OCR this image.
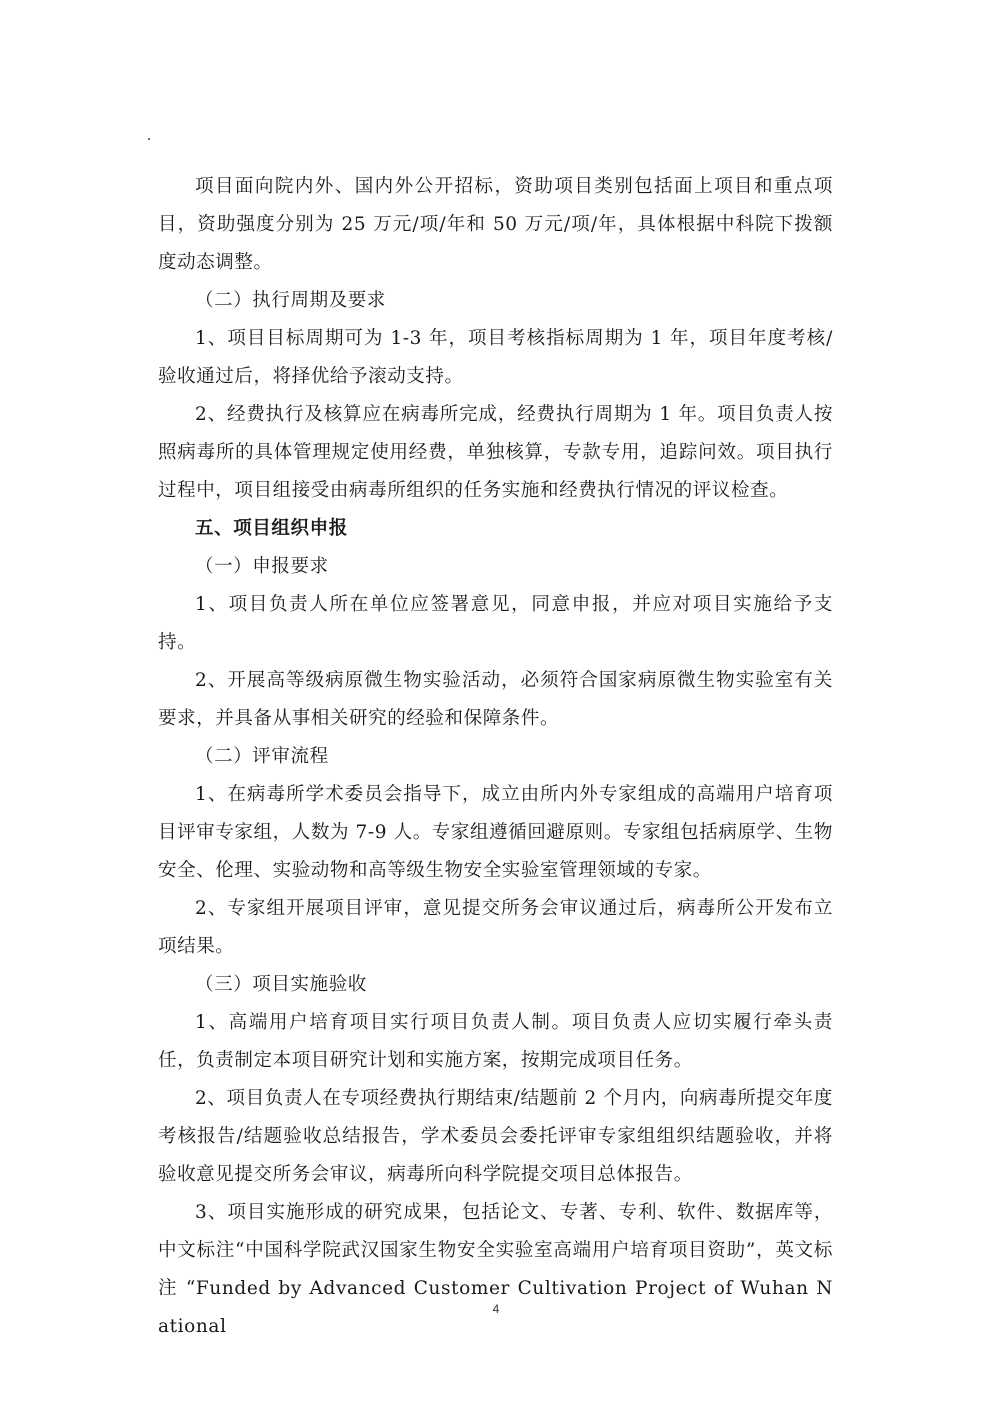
项目面向院内外、国内外公开招标，资助项目类别包括面上项目和重点项目，资助强度分别为 25 万元/项/年和 50 万元/项/年，具体根据中科院下拨额度动态调整。

（二）执行周期及要求

1、项目目标周期可为 1-3 年，项目考核指标周期为 1 年，项目年度考核/验收通过后，将择优给予滚动支持。

2、经费执行及核算应在病毒所完成，经费执行周期为 1 年。项目负责人按照病毒所的具体管理规定使用经费，单独核算，专款专用，追踪问效。项目执行过程中，项目组接受由病毒所组织的任务实施和经费执行情况的评议检查。

五、项目组织申报

（一）申报要求

1、项目负责人所在单位应签署意见，同意申报，并应对项目实施给予支持。

2、开展高等级病原微生物实验活动，必须符合国家病原微生物实验室有关要求，并具备从事相关研究的经验和保障条件。

（二）评审流程

1、在病毒所学术委员会指导下，成立由所内外专家组成的高端用户培育项目评审专家组，人数为 7-9 人。专家组遵循回避原则。专家组包括病原学、生物安全、伦理、实验动物和高等级生物安全实验室管理领域的专家。

2、专家组开展项目评审，意见提交所务会审议通过后，病毒所公开发布立项结果。

（三）项目实施验收

1、高端用户培育项目实行项目负责人制。项目负责人应切实履行牵头责任，负责制定本项目研究计划和实施方案，按期完成项目任务。

2、项目负责人在专项经费执行期结束/结题前 2 个月内，向病毒所提交年度考核报告/结题验收总结报告，学术委员会委托评审专家组组织结题验收，并将验收意见提交所务会审议，病毒所向科学院提交项目总体报告。

3、项目实施形成的研究成果，包括论文、专著、专利、软件、数据库等，中文标注“中国科学院武汉国家生物安全实验室高端用户培育项目资助”，英文标注 “Funded by Advanced Customer Cultivation Project of Wuhan National

4
